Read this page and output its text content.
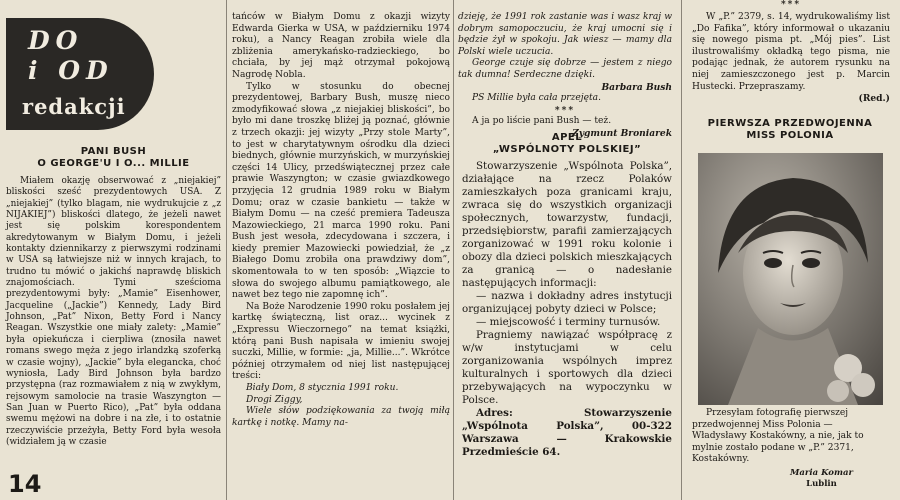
DO
i OD
redakcji
PANI BUSH
O GEORGE'U I O... MILLIE

Miałem okazję obserwować z „niejakiej” bliskości sześć prezydentowych USA. Z „niejakiej” (tylko blagam, nie wydrukujcie z „z NIJAKIEJ”) bliskości dlatego, że jeżeli nawet jest się polskim korespondentem akredytowanym w Białym Domu, i jeżeli kontakty dziennikarzy z pierwszymi rodzinami w USA są łatwiejsze niż w innych krajach, to trudno tu mówić o jakichś naprawdę bliskich znajomościach. Tymi sześcioma prezydentowymi były: „Mamie” Eisenhower, Jacqueline („Jackie”) Kennedy, Lady Bird Johnson, „Pat” Nixon, Betty Ford i Nancy Reagan. Wszystkie one miały zalety: „Mamie” była opiekuńcza i cierpliwa (znosiła nawet romans swego męża z jego irlandzką szoferką w czasie wojny), „Jackie” była elegancka, choć wyniosła, Lady Bird Johnson była bardzo przystępna (raz rozmawiałem z nią w zwykłym, rejsowym samolocie na trasie Waszyngton — San Juan w Puerto Rico), „Pat” była oddana swemu mężowi na dobre i na złe, i to ostatnie rzeczywiście przeżyła, Betty Ford była wesoła (widziałem ją w czasie

tańców w Białym Domu z okazji wizyty Edwarda Gierka w USA, w październiku 1974 roku), a Nancy Reagan zrobiła wiele dla zbliżenia amerykańsko-radzieckiego, bo chciała, by jej mąż otrzymał pokojową Nagrodę Nobla.

Tylko w stosunku do obecnej prezydentowej, Barbary Bush, muszę nieco zmodyfikować słowa „z niejakiej bliskości”, bo było mi dane troszkę bliżej ją poznać, głównie z trzech okazji: jej wizyty „Przy stole Marty”, to jest w charytatywnym ośrodku dla dzieci biednych, głównie murzyńskich, w murzyńskiej części 14 Ulicy, przedświątecznej przez całe prawie Waszyngton; w czasie gwiazdkowego przyjęcia 12 grudnia 1989 roku w Białym Domu; oraz w czasie bankietu — także w Białym Domu — na cześć premiera Tadeusza Mazowieckiego, 21 marca 1990 roku. Pani Bush jest wesoła, zdecydowana i szczera, i kiedy premier Mazowiecki powiedział, że „z Białego Domu zrobiła ona prawdziwy dom”, skomentowała to w ten sposób: „Wiązcie to słowa do swojego albumu pamiątkowego, ale nawet bez tego nie zapomnę ich”.

Na Boże Narodzenie 1990 roku posłałem jej kartkę świąteczną, list oraz... wycinek z „Expressu Wieczornego” na temat książki, którą pani Bush napisała w imieniu swojej suczki, Millie, w formie: „ja, Millie...”. Wkrótce później otrzymałem od niej list następującej treści:

Biały Dom, 8 stycznia 1991 roku.

Drogi Ziggy,

Wiele słów podziękowania za twoją miłą kartkę i notkę. Mamy na-

dzieję, że 1991 rok zastanie was i wasz kraj w dobrym samopoczuciu, że kraj umocni się i będzie żył w spokoju. Jak wiesz — mamy dla Polski wiele uczucia.

George czuje się dobrze — jestem z niego tak dumna! Serdeczne dzięki.

Barbara Bush

PS Millie była cała przejęta.

***

A ja po liście pani Bush — też.

Zygmunt Broniarek
APEL
„WSPÓLNOTY POLSKIEJ”

Stowarzyszenie „Wspólnota Polska”, działające na rzecz Polaków zamieszkałych poza granicami kraju, zwraca się do wszystkich organizacji społecznych, towarzystw, fundacji, przedsiębiorstw, parafii zamierzających zorganizować w 1991 roku kolonie i obozy dla dzieci polskich mieszkających za granicą — o nadesłanie następujących informacji:

— nazwa i dokładny adres instytucji organizującej pobyty dzieci w Polsce;

— miejscowość i terminy turnusów.

Pragniemy nawiązać współpracę z w/w instytucjami w celu zorganizowania wspólnych imprez kulturalnych i sportowych dla dzieci przebywających na wypoczynku w Polsce.

Adres: Stowarzyszenie „Wspólnota Polska”, 00-322 Warszawa — Krakowskie Przedmieście 64.

***

W „P.” 2379, s. 14, wydrukowaliśmy list „Do Fafika”, który informował o ukazaniu się nowego pisma pt. „Mój pies”. List ilustrowaliśmy okładką tego pisma, nie podając jednak, że autorem rysunku na niej zamieszczonego jest p. Marcin Hustecki. Przepraszamy.

(Red.)
PIERWSZA PRZEDWOJENNA
MISS POLONIA

Przesyłam fotografię pierwszej przedwojennej Miss Polonia — Władysławy Kostakówny, a nie, jak to mylnie zostało podane w „P.” 2371, Kostakówny.

Maria Komar
Lublin
14
